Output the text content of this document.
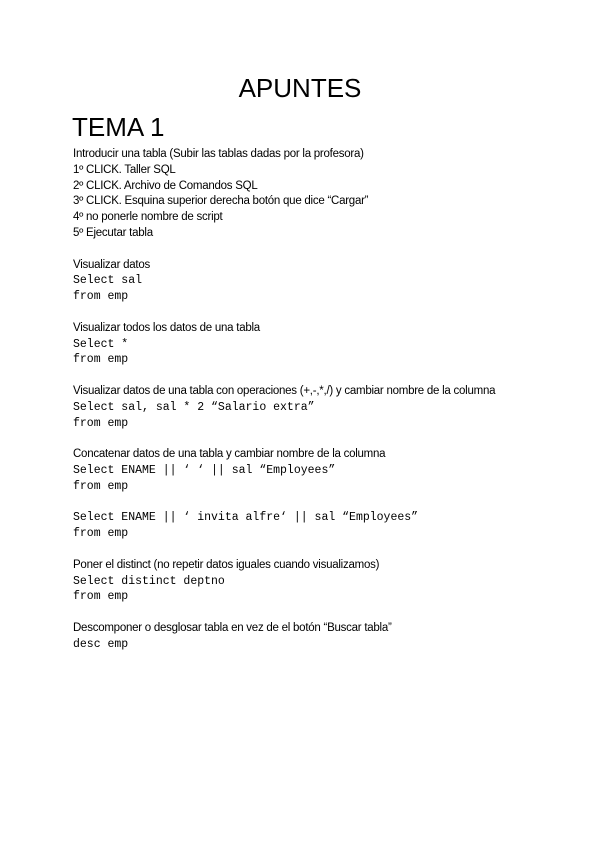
APUNTES
TEMA 1

Introducir una tabla (Subir las tablas dadas por la profesora)

1º CLICK. Taller SQL

2º CLICK. Archivo de Comandos SQL

3º CLICK. Esquina superior derecha botón que dice “Cargar”

4º no ponerle nombre de script

5º Ejecutar tabla

Visualizar datos

Select sal

from emp

Visualizar todos los datos de una tabla

Select *

from emp

Visualizar datos de una tabla con operaciones (+,-,*,/) y cambiar nombre de la columna

Select sal, sal * 2 “Salario extra”

from emp

Concatenar datos de una tabla y cambiar nombre de la columna

Select ENAME || ‘ ‘ || sal “Employees”

from emp

Select ENAME || ‘ invita alfre‘ || sal “Employees”

from emp

Poner el distinct (no repetir datos iguales cuando visualizamos)

Select distinct deptno

from emp

Descomponer o desglosar tabla en vez de el botón “Buscar tabla”

desc emp
